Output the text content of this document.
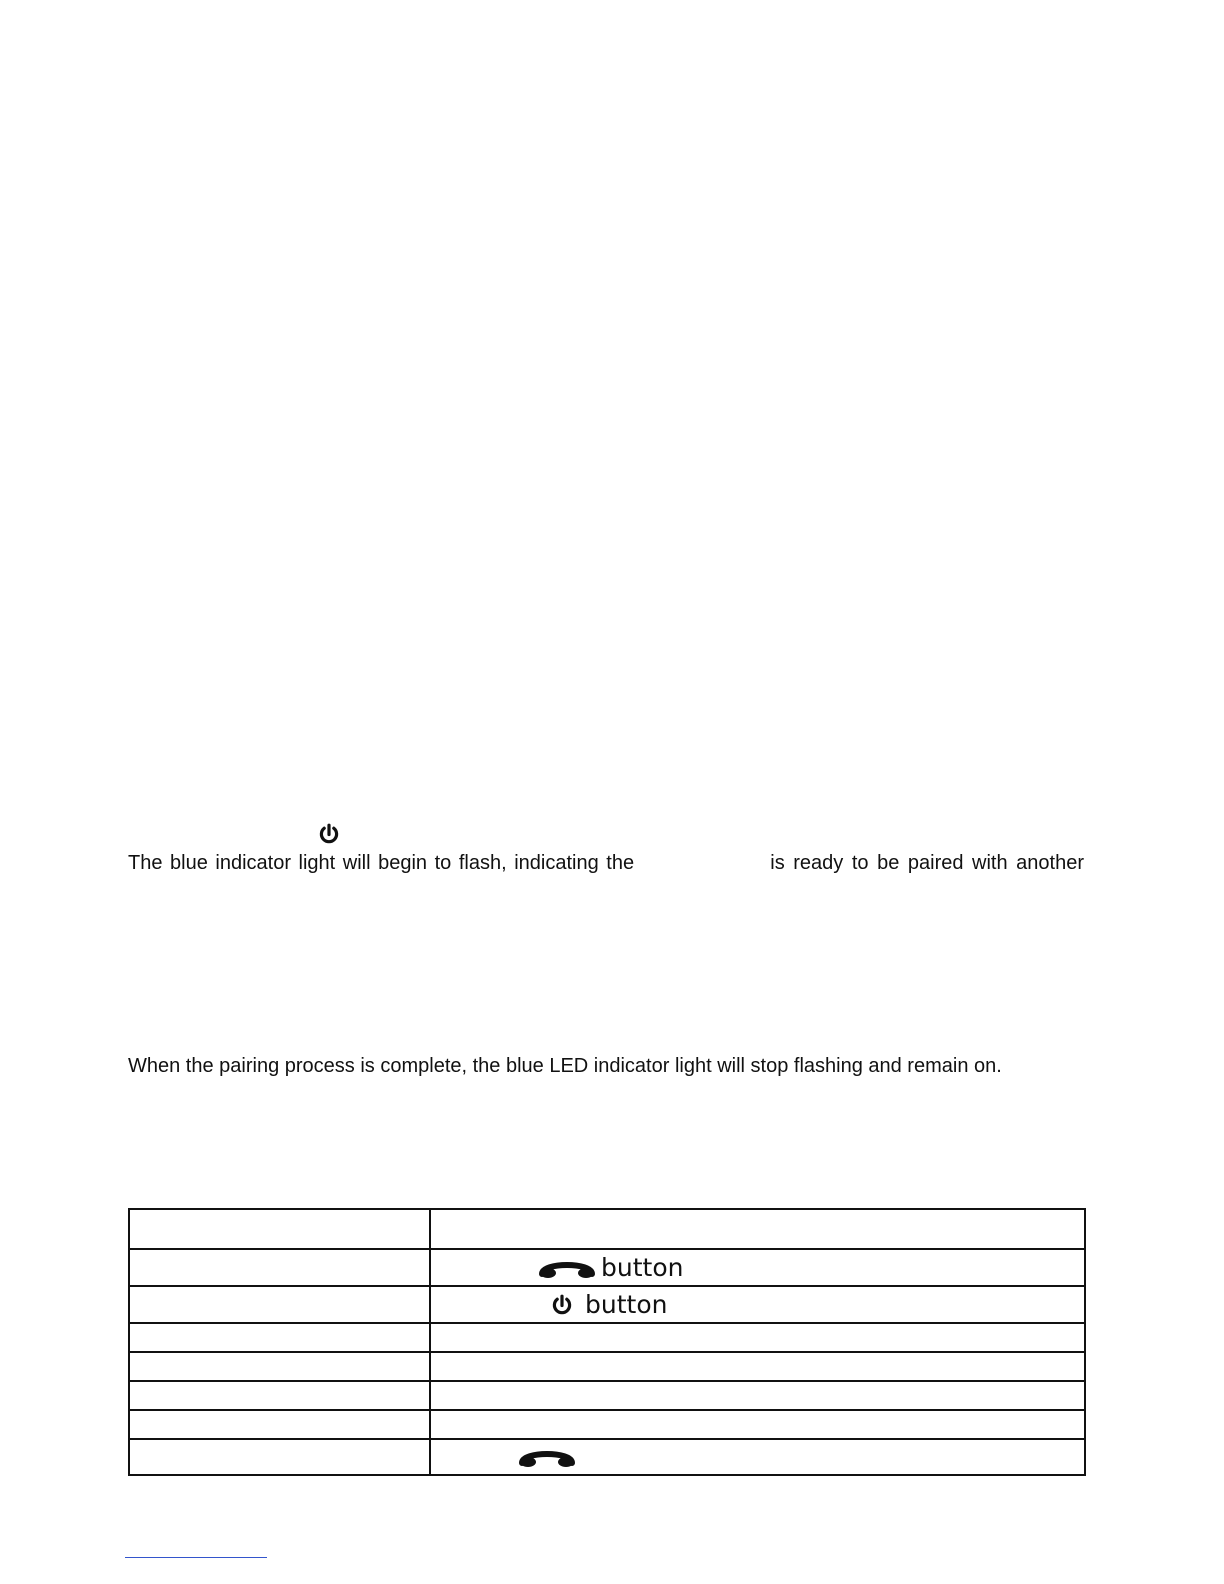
The blue indicator light will begin to flash, indicating the	is ready to be paired with another
When the pairing process is complete, the blue LED indicator light will stop flashing and remain on.

	button

	button
